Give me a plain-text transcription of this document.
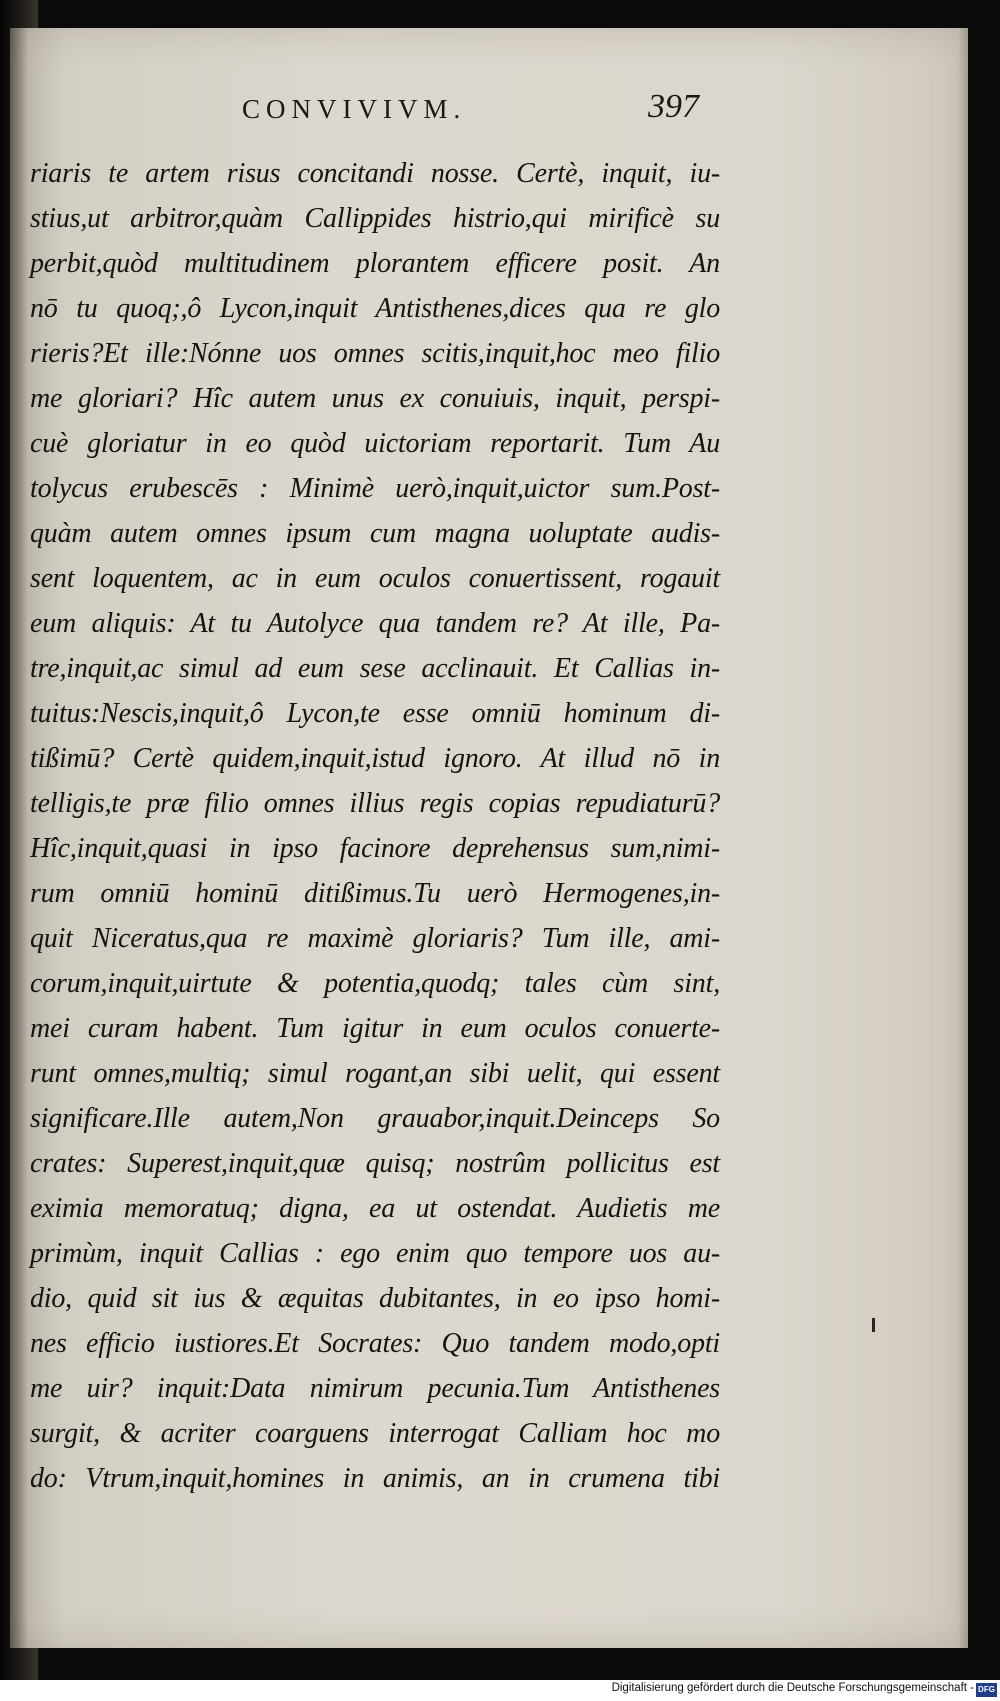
CONVIVIVM.	397
riaris te artem risus concitandi nosse. Certè, inquit, iu-
stius,ut arbitror,quàm Callippides histrio,qui mirificè su
perbit,quòd multitudinem plorantem efficere posit. An
nō tu quoq;,ô Lycon,inquit Antisthenes,dices qua re glo
rieris?Et ille:Nónne uos omnes scitis,inquit,hoc meo filio
me gloriari? Hîc autem unus ex conuiuis, inquit, perspi-
cuè gloriatur in eo quòd uictoriam reportarit. Tum Au
tolycus erubescēs : Minimè uerò,inquit,uictor sum.Post-
quàm autem omnes ipsum cum magna uoluptate audis-
sent loquentem, ac in eum oculos conuertissent, rogauit
eum aliquis: At tu Autolyce qua tandem re? At ille, Pa-
tre,inquit,ac simul ad eum sese acclinauit. Et Callias in-
tuitus:Nescis,inquit,ô Lycon,te esse omniū hominum di-
tißimū? Certè quidem,inquit,istud ignoro. At illud nō in
telligis,te præ filio omnes illius regis copias repudiaturū?
Hîc,inquit,quasi in ipso facinore deprehensus sum,nimi-
rum omniū hominū ditißimus.Tu uerò Hermogenes,in-
quit Niceratus,qua re maximè gloriaris? Tum ille, ami-
corum,inquit,uirtute & potentia,quodq; tales cùm sint,
mei curam habent. Tum igitur in eum oculos conuerte-
runt omnes,multiq; simul rogant,an sibi uelit, qui essent
significare.Ille autem,Non grauabor,inquit.Deinceps So
crates: Superest,inquit,quæ quisq; nostrûm pollicitus est
eximia memoratuq; digna, ea ut ostendat. Audietis me
primùm, inquit Callias : ego enim quo tempore uos au-
dio, quid sit ius & æquitas dubitantes, in eo ipso homi-
nes efficio iustiores.Et Socrates: Quo tandem modo,opti
me uir? inquit:Data nimirum pecunia.Tum Antisthenes
surgit, & acriter coarguens interrogat Calliam hoc mo
do: Vtrum,inquit,homines in animis, an in crumena tibi
Digitalisierung gefördert durch die Deutsche Forschungsgemeinschaft - DFG
